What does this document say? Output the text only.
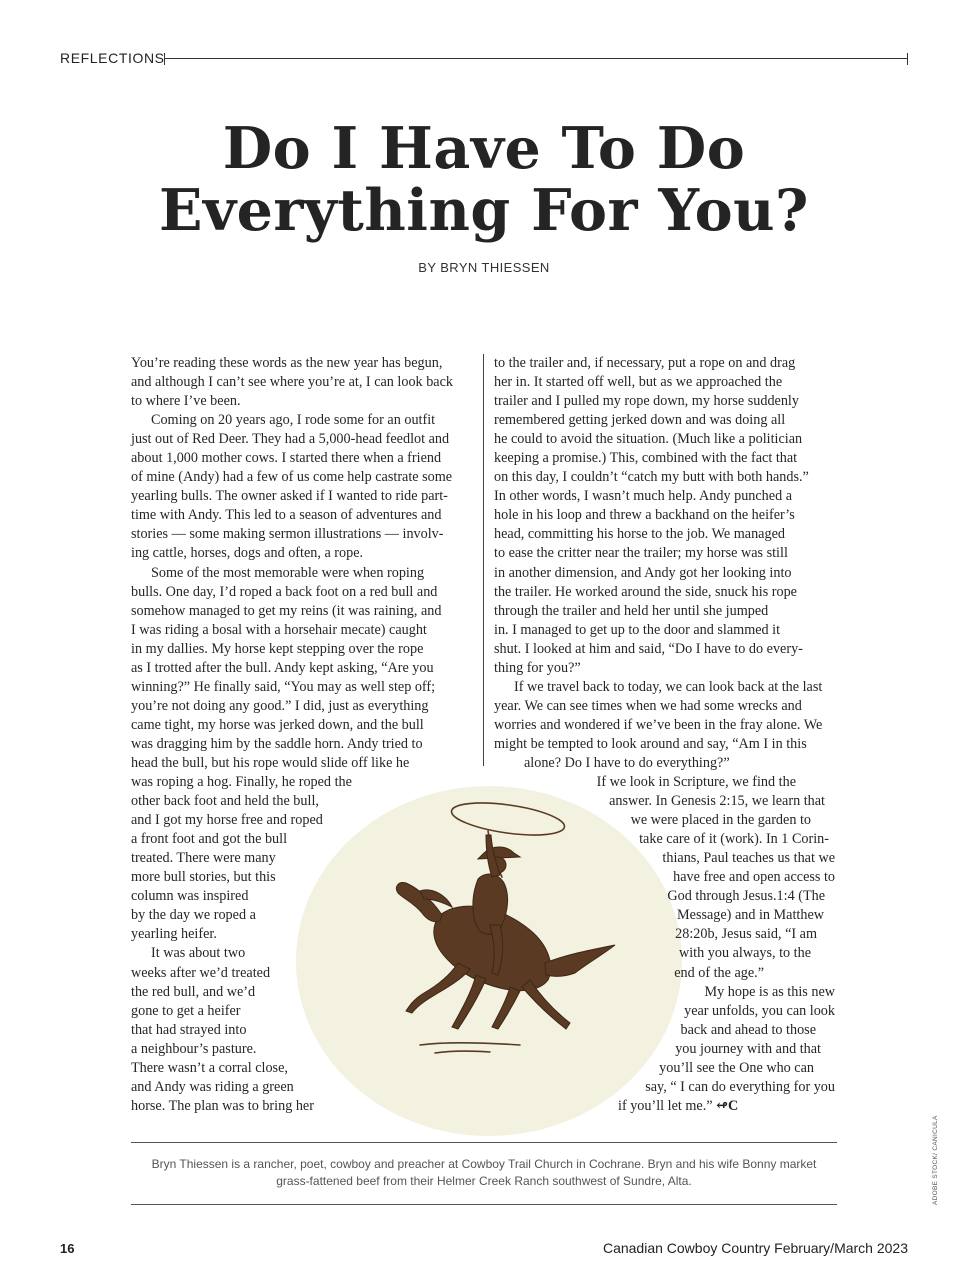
REFLECTIONS
Do I Have To Do
Everything For You?
BY BRYN THIESSEN
You’re reading these words as the new year has begun,
and although I can’t see where you’re at, I can look back
to where I’ve been.
Coming on 20 years ago, I rode some for an outfit
just out of Red Deer. They had a 5,000-head feedlot and
about 1,000 mother cows. I started there when a friend
of mine (Andy) had a few of us come help castrate some
yearling bulls. The owner asked if I wanted to ride part-
time with Andy. This led to a season of adventures and
stories — some making sermon illustrations — involv-
ing cattle, horses, dogs and often, a rope.
Some of the most memorable were when roping
bulls. One day, I’d roped a back foot on a red bull and
somehow managed to get my reins (it was raining, and
I was riding a bosal with a horsehair mecate) caught
in my dallies. My horse kept stepping over the rope
as I trotted after the bull. Andy kept asking, “Are you
winning?” He finally said, “You may as well step off;
you’re not doing any good.” I did, just as everything
came tight, my horse was jerked down, and the bull
was dragging him by the saddle horn. Andy tried to
head the bull, but his rope would slide off like he
was roping a hog. Finally, he roped the
other back foot and held the bull,
and I got my horse free and roped
a front foot and got the bull
treated. There were many
more bull stories, but this
column was inspired
by the day we roped a
yearling heifer.
It was about two
weeks after we’d treated
the red bull, and we’d
gone to get a heifer
that had strayed into
a neighbour’s pasture.
There wasn’t a corral close,
and Andy was riding a green
horse. The plan was to bring her
to the trailer and, if necessary, put a rope on and drag
her in. It started off well, but as we approached the
trailer and I pulled my rope down, my horse suddenly
remembered getting jerked down and was doing all
he could to avoid the situation. (Much like a politician
keeping a promise.) This, combined with the fact that
on this day, I couldn’t “catch my butt with both hands.”
In other words, I wasn’t much help. Andy punched a
hole in his loop and threw a backhand on the heifer’s
head, committing his horse to the job. We managed
to ease the critter near the trailer; my horse was still
in another dimension, and Andy got her looking into
the trailer. He worked around the side, snuck his rope
through the trailer and held her until she jumped
in. I managed to get up to the door and slammed it
shut. I looked at him and said, “Do I have to do every-
thing for you?”
If we travel back to today, we can look back at the last
year. We can see times when we had some wrecks and
worries and wondered if we’ve been in the fray alone. We
might be tempted to look around and say, “Am I in this
alone? Do I have to do everything?”
If we look in Scripture, we find the
answer. In Genesis 2:15, we learn that
we were placed in the garden to
take care of it (work). In 1 Corin-
thians, Paul teaches us that we
have free and open access to
God through Jesus.1:4 (The
Message) and in Matthew
28:20b, Jesus said, “I am
with you always, to the
end of the age.”
My hope is as this new
year unfolds, you can look
back and ahead to those
you journey with and that
you’ll see the One who can
say, “ I can do everything for you
if you’ll let me.” ↫C
Bryn Thiessen is a rancher, poet, cowboy and preacher at Cowboy Trail Church in Cochrane. Bryn and his wife Bonny market
grass-fattened beef from their Helmer Creek Ranch southwest of Sundre, Alta.	ADOBE STOCK/ CANICULA
16	Canadian Cowboy Country February/March 2023
